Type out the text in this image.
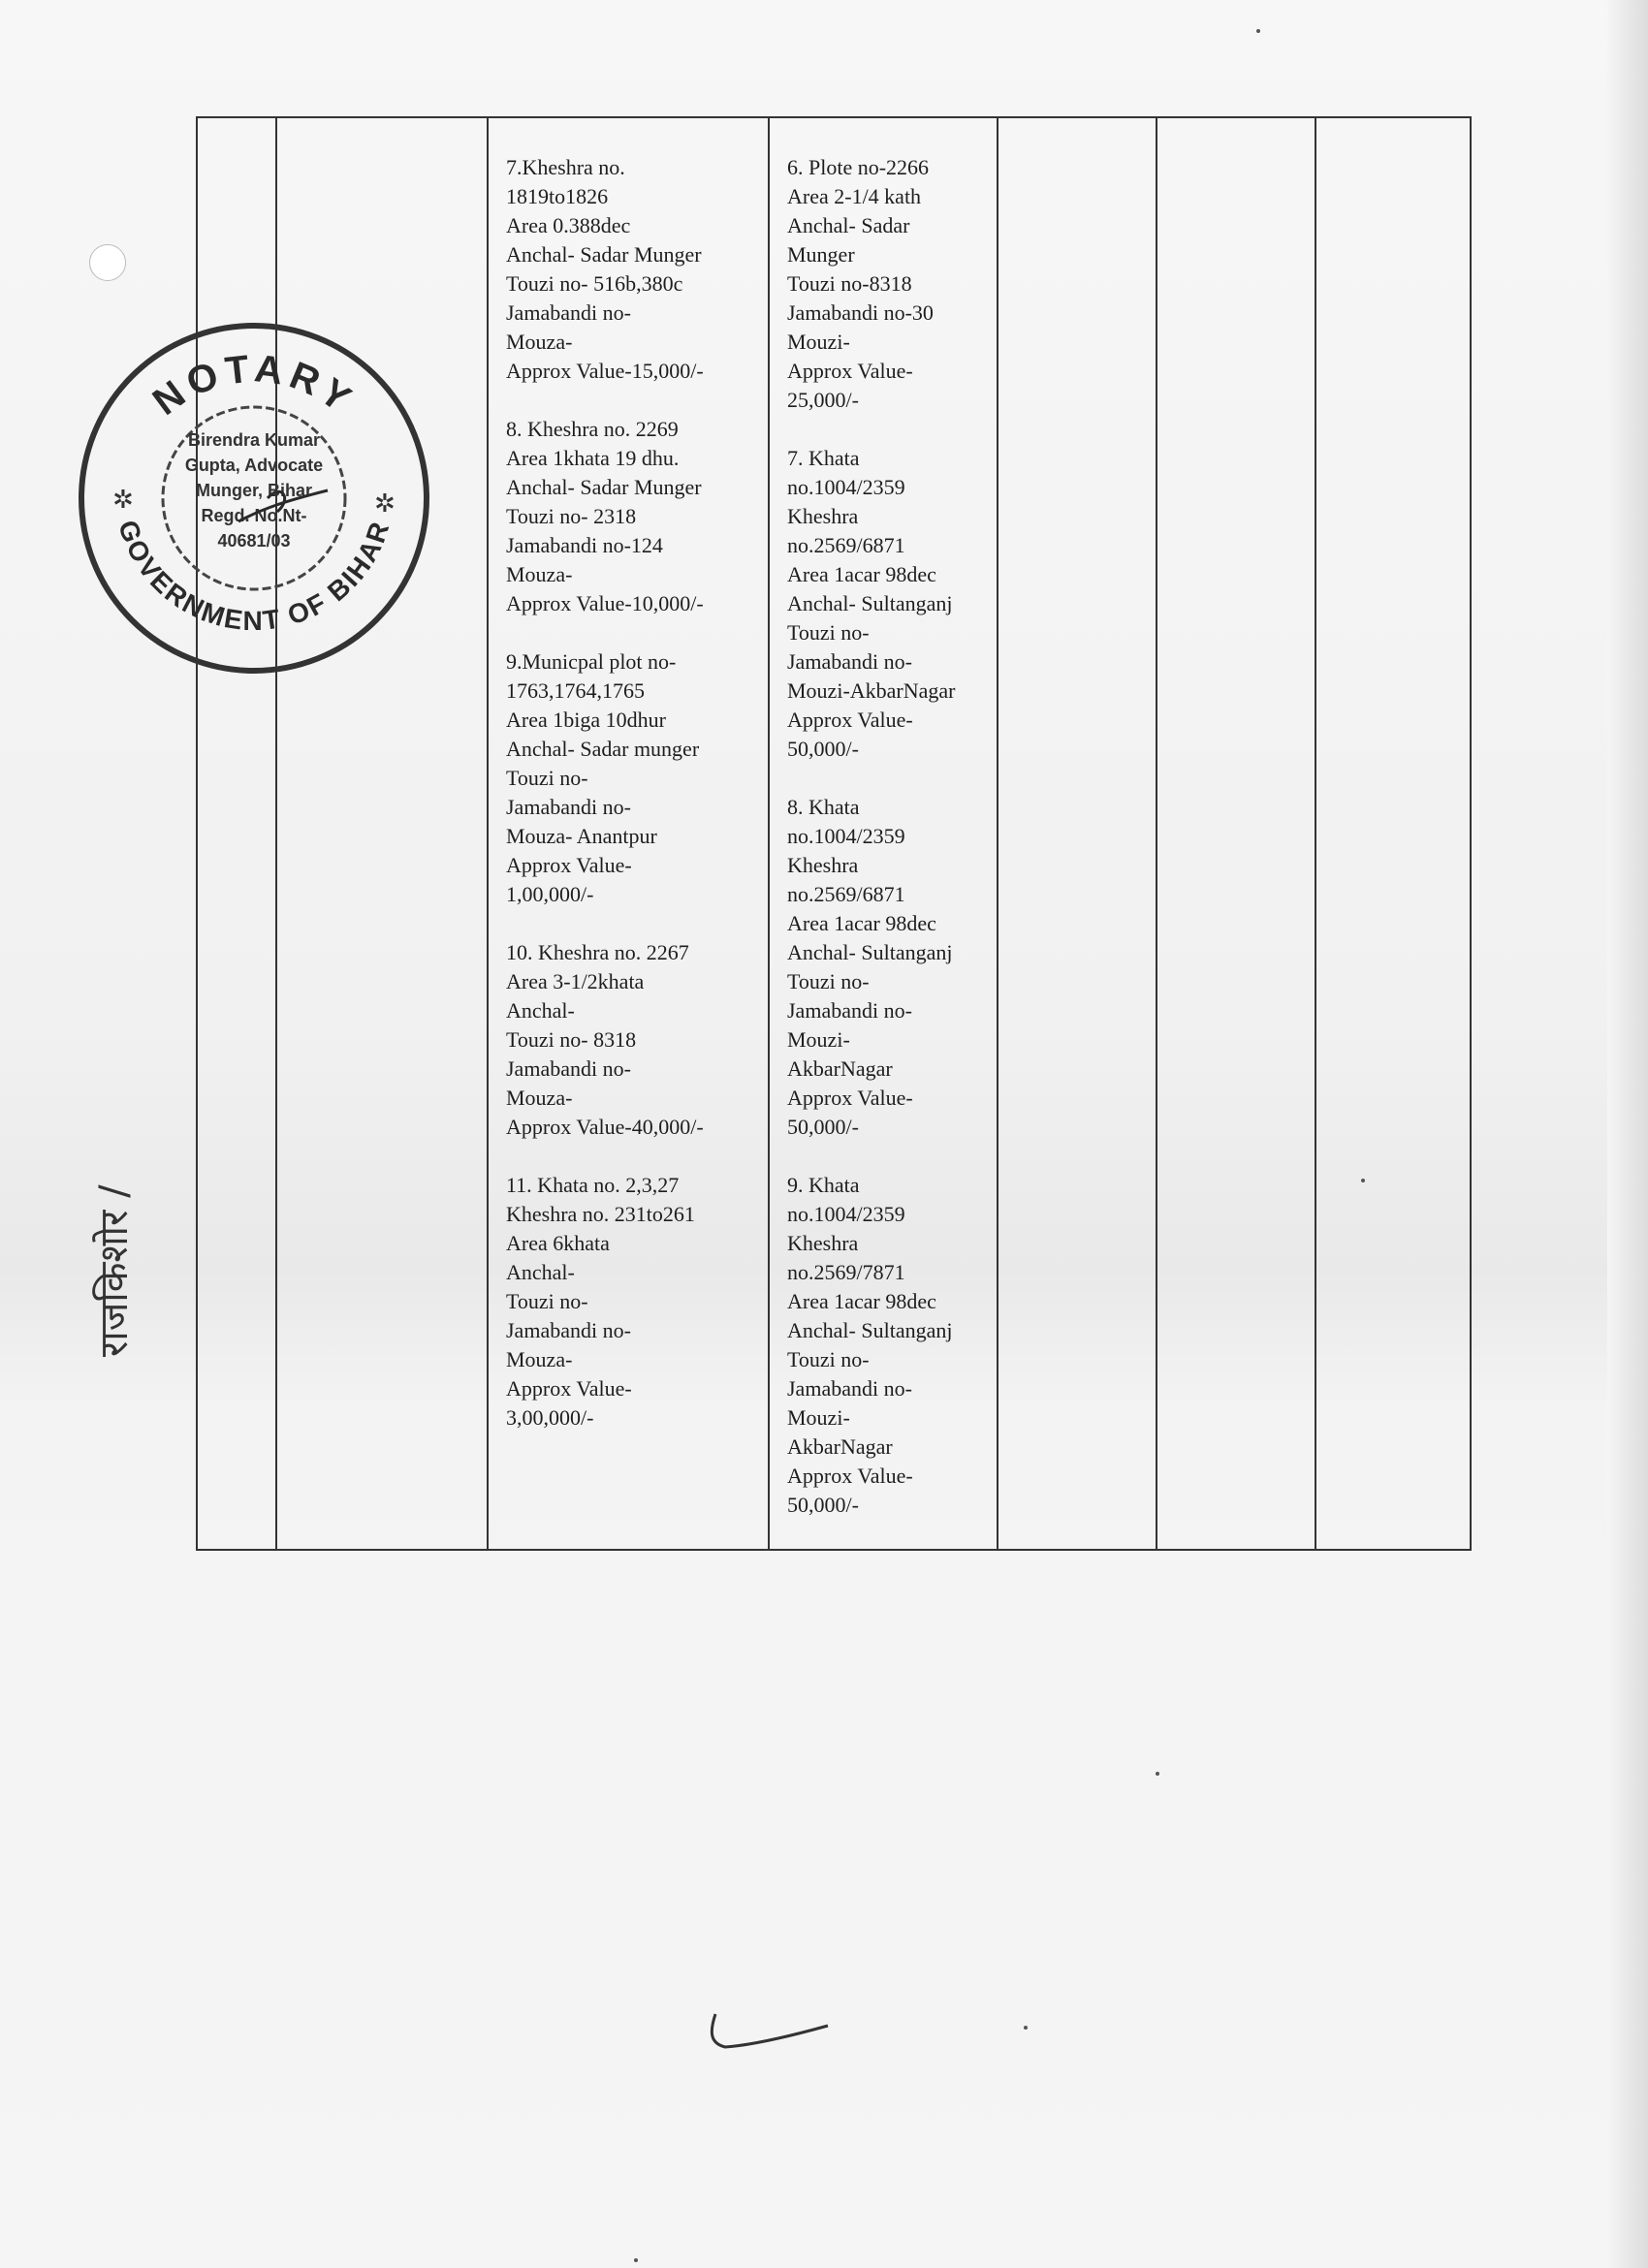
7.Kheshra no.
1819to1826
Area 0.388dec
Anchal- Sadar Munger
Touzi no- 516b,380c
Jamabandi no-
Mouza-
Approx Value-15,000/-

8. Kheshra no. 2269
Area 1khata 19 dhu.
Anchal- Sadar Munger
Touzi no- 2318
Jamabandi no-124
Mouza-
Approx Value-10,000/-

9.Municpal plot no-
1763,1764,1765
Area 1biga 10dhur
Anchal- Sadar munger
Touzi no-
Jamabandi no-
Mouza- Anantpur
Approx Value-
1,00,000/-

10. Kheshra no. 2267
Area 3-1/2khata
Anchal-
Touzi no- 8318
Jamabandi no-
Mouza-
Approx Value-40,000/-

11. Khata no. 2,3,27
Kheshra no. 231to261
Area 6khata
Anchal-
Touzi no-
Jamabandi no-
Mouza-
Approx Value-
3,00,000/-
6. Plote no-2266
Area 2-1/4 kath
Anchal- Sadar
Munger
Touzi no-8318
Jamabandi no-30
Mouzi-
Approx Value-
25,000/-

7. Khata
no.1004/2359
Kheshra
no.2569/6871
Area 1acar 98dec
Anchal- Sultanganj
Touzi no-
Jamabandi no-
Mouzi-AkbarNagar
Approx Value-
50,000/-

8. Khata
no.1004/2359
Kheshra
no.2569/6871
Area 1acar 98dec
Anchal- Sultanganj
Touzi no-
Jamabandi no-
Mouzi-
AkbarNagar
Approx Value-
50,000/-

9. Khata
no.1004/2359
Kheshra
no.2569/7871
Area 1acar 98dec
Anchal- Sultanganj
Touzi no-
Jamabandi no-
Mouzi-
AkbarNagar
Approx Value-
50,000/-
NOTARY
GOVERNMENT OF BIHAR
✲	✲
Birendra Kumar
Gupta, Advocate
Munger, Bihar
Regd. No.Nt-
40681/03
राजकिशोर /
